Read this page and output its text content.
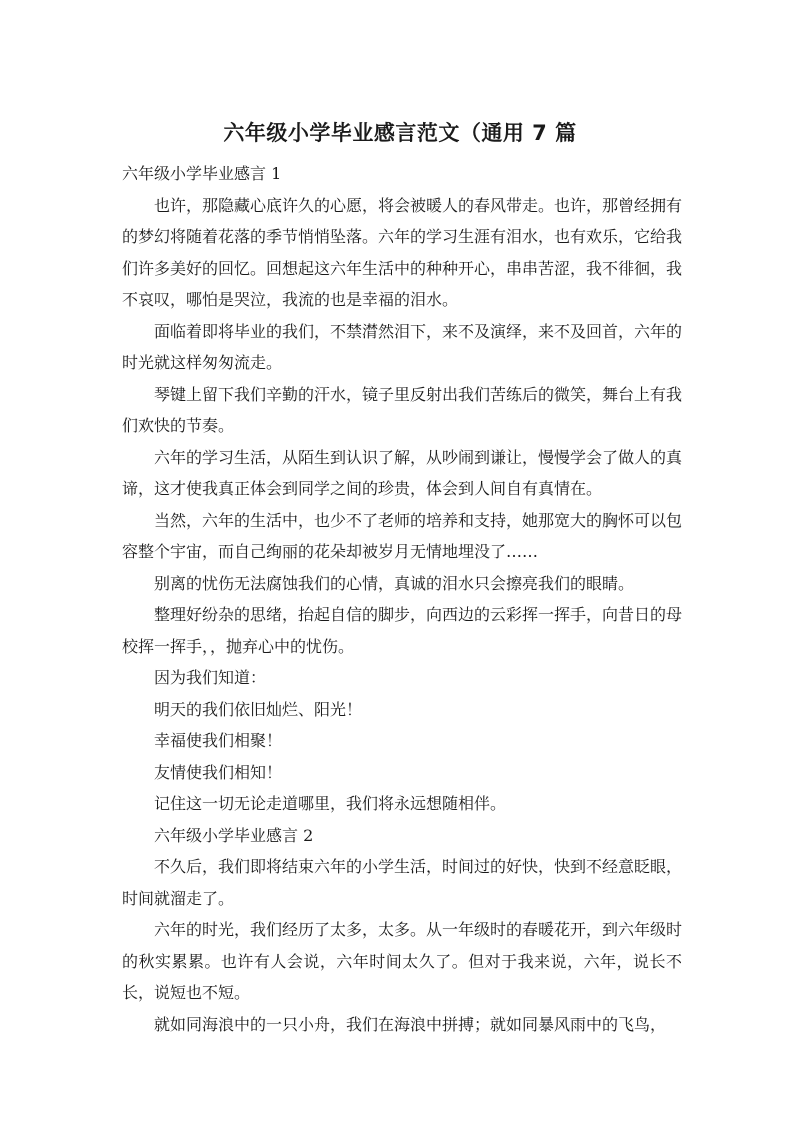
六年级小学毕业感言范文（通用 7 篇

六年级小学毕业感言 1

也许，那隐藏心底许久的心愿，将会被暖人的春风带走。也许，那曾经拥有的梦幻将随着花落的季节悄悄坠落。六年的学习生涯有泪水，也有欢乐，它给我们许多美好的回忆。回想起这六年生活中的种种开心，串串苦涩，我不徘徊，我不哀叹，哪怕是哭泣，我流的也是幸福的泪水。

面临着即将毕业的我们，不禁潸然泪下，来不及演绎，来不及回首，六年的时光就这样匆匆流走。

琴键上留下我们辛勤的汗水，镜子里反射出我们苦练后的微笑，舞台上有我们欢快的节奏。

六年的学习生活，从陌生到认识了解，从吵闹到谦让，慢慢学会了做人的真谛，这才使我真正体会到同学之间的珍贵，体会到人间自有真情在。

当然，六年的生活中，也少不了老师的培养和支持，她那宽大的胸怀可以包容整个宇宙，而自己绚丽的花朵却被岁月无情地埋没了……

别离的忧伤无法腐蚀我们的心情，真诚的泪水只会擦亮我们的眼睛。

整理好纷杂的思绪，抬起自信的脚步，向西边的云彩挥一挥手，向昔日的母校挥一挥手，，抛弃心中的忧伤。

因为我们知道：

明天的我们依旧灿烂、阳光！

幸福使我们相聚！

友情使我们相知！

记住这一切无论走道哪里，我们将永远想随相伴。

六年级小学毕业感言 2

不久后，我们即将结束六年的小学生活，时间过的好快，快到不经意眨眼，时间就溜走了。

六年的时光，我们经历了太多，太多。从一年级时的春暖花开，到六年级时的秋实累累。也许有人会说，六年时间太久了。但对于我来说，六年，说长不长，说短也不短。

就如同海浪中的一只小舟，我们在海浪中拼搏；就如同暴风雨中的飞鸟，
